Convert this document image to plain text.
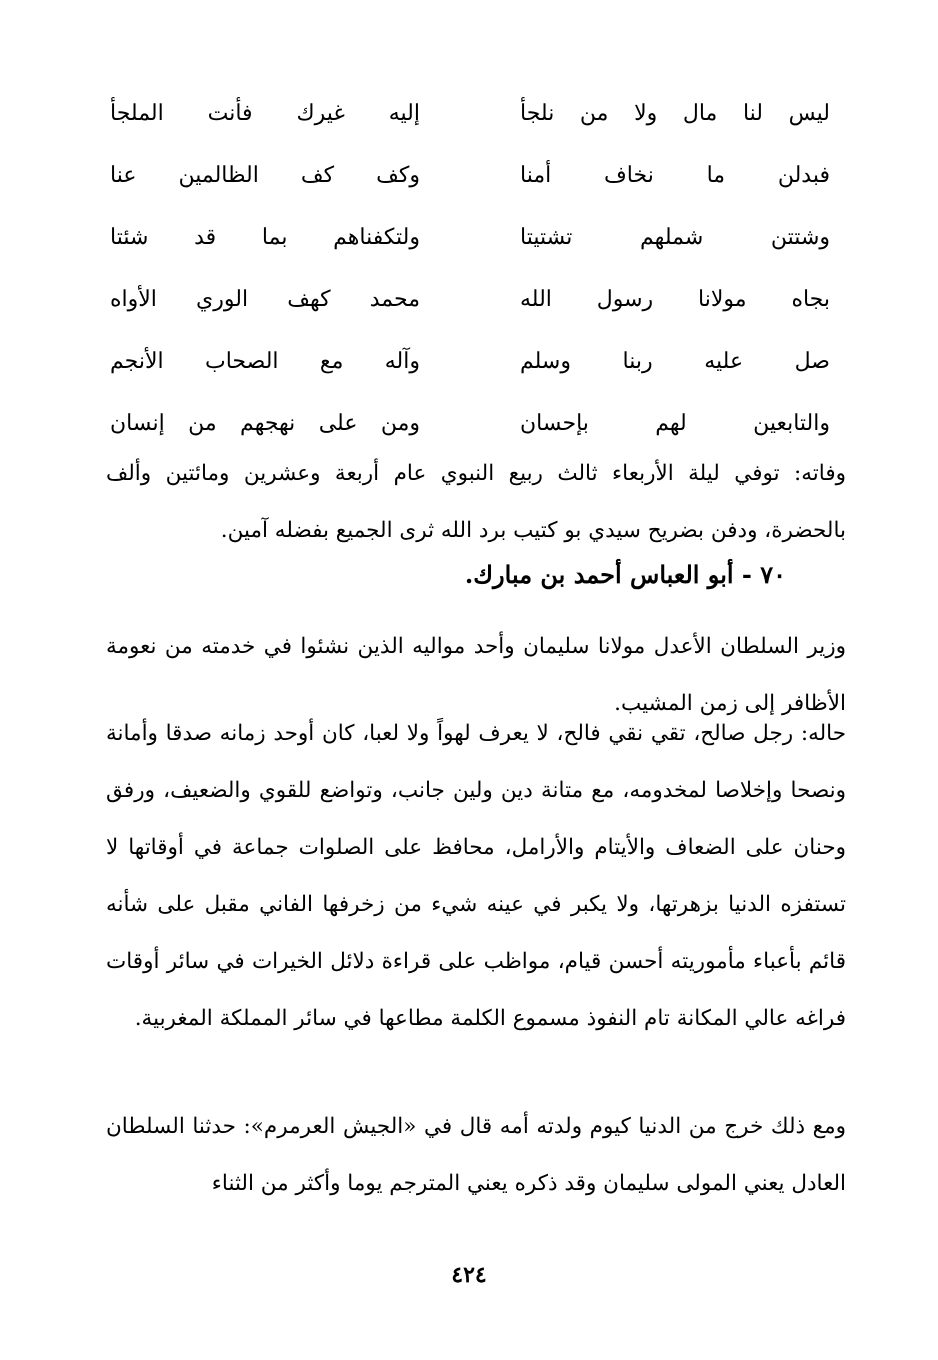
ليس لنا مال ولا من نلجأ
إليه غيرك فأنت الملجأ
فبدلن ما نخاف أمنا
وكف كف الظالمين عنا
وشتتن شملهم تشتيتا
ولتكفناهم بما قد شئتا
بجاه مولانا رسول الله
محمد كهف الوري الأواه
صل عليه ربنا وسلم
وآله مع الصحاب الأنجم
والتابعين لهم بإحسان
ومن على نهجهم من إنسان

وفاته: توفي ليلة الأربعاء ثالث ربيع النبوي عام أربعة وعشرين ومائتين وألف بالحضرة، ودفن بضريح سيدي بو كتيب برد الله ثرى الجميع بفضله آمين.

٧٠ - أبو العباس أحمد بن مبارك.

وزير السلطان الأعدل مولانا سليمان وأحد مواليه الذين نشئوا في خدمته من نعومة الأظافر إلى زمن المشيب.

حاله: رجل صالح، تقي نقي فالح، لا يعرف لهواً ولا لعبا، كان أوحد زمانه صدقا وأمانة ونصحا وإخلاصا لمخدومه، مع متانة دين ولين جانب، وتواضع للقوي والضعيف، ورفق وحنان على الضعاف والأيتام والأرامل، محافظ على الصلوات جماعة في أوقاتها لا تستفزه الدنيا بزهرتها، ولا يكبر في عينه شيء من زخرفها الفاني مقبل على شأنه قائم بأعباء مأموريته أحسن قيام، مواظب على قراءة دلائل الخيرات في سائر أوقات فراغه عالي المكانة تام النفوذ مسموع الكلمة مطاعها في سائر المملكة المغربية.

ومع ذلك خرج من الدنيا كيوم ولدته أمه قال في «الجيش العرمرم»: حدثنا السلطان العادل يعني المولى سليمان وقد ذكره يعني المترجم يوما وأكثر من الثناء

٤٢٤
